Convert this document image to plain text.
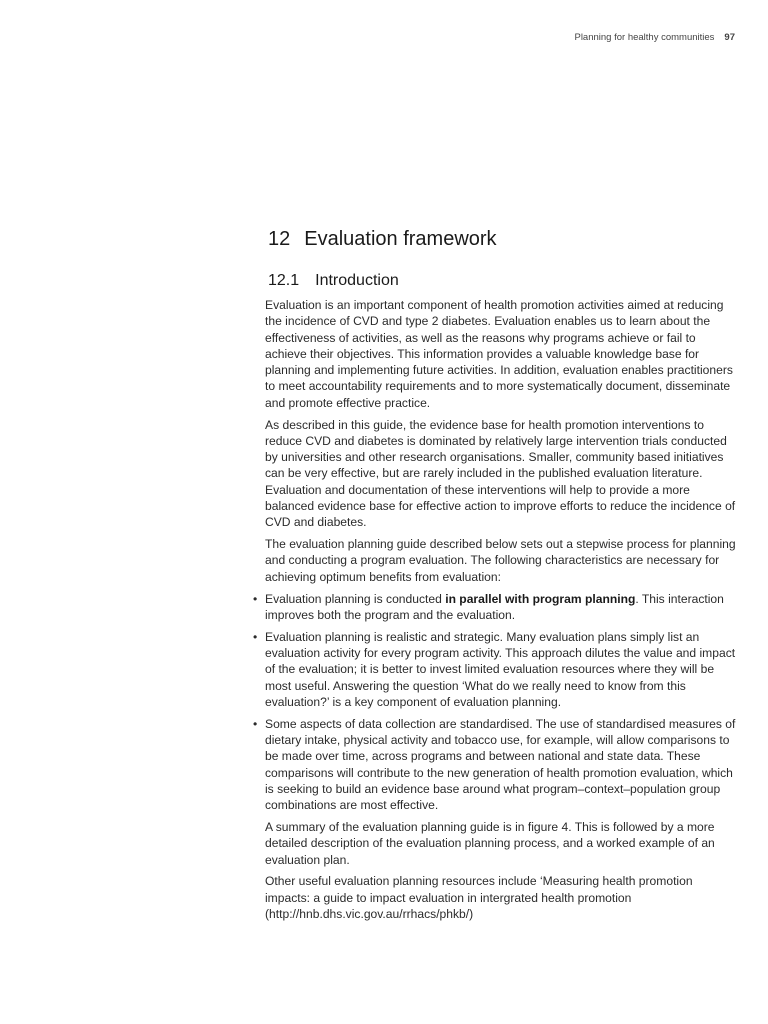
Planning for healthy communities 97
12 Evaluation framework
12.1 Introduction

Evaluation is an important component of health promotion activities aimed at reducing the incidence of CVD and type 2 diabetes. Evaluation enables us to learn about the effectiveness of activities, as well as the reasons why programs achieve or fail to achieve their objectives. This information provides a valuable knowledge base for planning and implementing future activities. In addition, evaluation enables practitioners to meet accountability requirements and to more systematically document, disseminate and promote effective practice.

As described in this guide, the evidence base for health promotion interventions to reduce CVD and diabetes is dominated by relatively large intervention trials conducted by universities and other research organisations. Smaller, community based initiatives can be very effective, but are rarely included in the published evaluation literature. Evaluation and documentation of these interventions will help to provide a more balanced evidence base for effective action to improve efforts to reduce the incidence of CVD and diabetes.

The evaluation planning guide described below sets out a stepwise process for planning and conducting a program evaluation. The following characteristics are necessary for achieving optimum benefits from evaluation:

• Evaluation planning is conducted in parallel with program planning. This interaction improves both the program and the evaluation.
• Evaluation planning is realistic and strategic. Many evaluation plans simply list an evaluation activity for every program activity. This approach dilutes the value and impact of the evaluation; it is better to invest limited evaluation resources where they will be most useful. Answering the question ‘What do we really need to know from this evaluation?’ is a key component of evaluation planning.
• Some aspects of data collection are standardised. The use of standardised measures of dietary intake, physical activity and tobacco use, for example, will allow comparisons to be made over time, across programs and between national and state data. These comparisons will contribute to the new generation of health promotion evaluation, which is seeking to build an evidence base around what program–context–population group combinations are most effective.

A summary of the evaluation planning guide is in figure 4. This is followed by a more detailed description of the evaluation planning process, and a worked example of an evaluation plan.

Other useful evaluation planning resources include ‘Measuring health promotion impacts: a guide to impact evaluation in intergrated health promotion (http://hnb.dhs.vic.gov.au/rrhacs/phkb/)
